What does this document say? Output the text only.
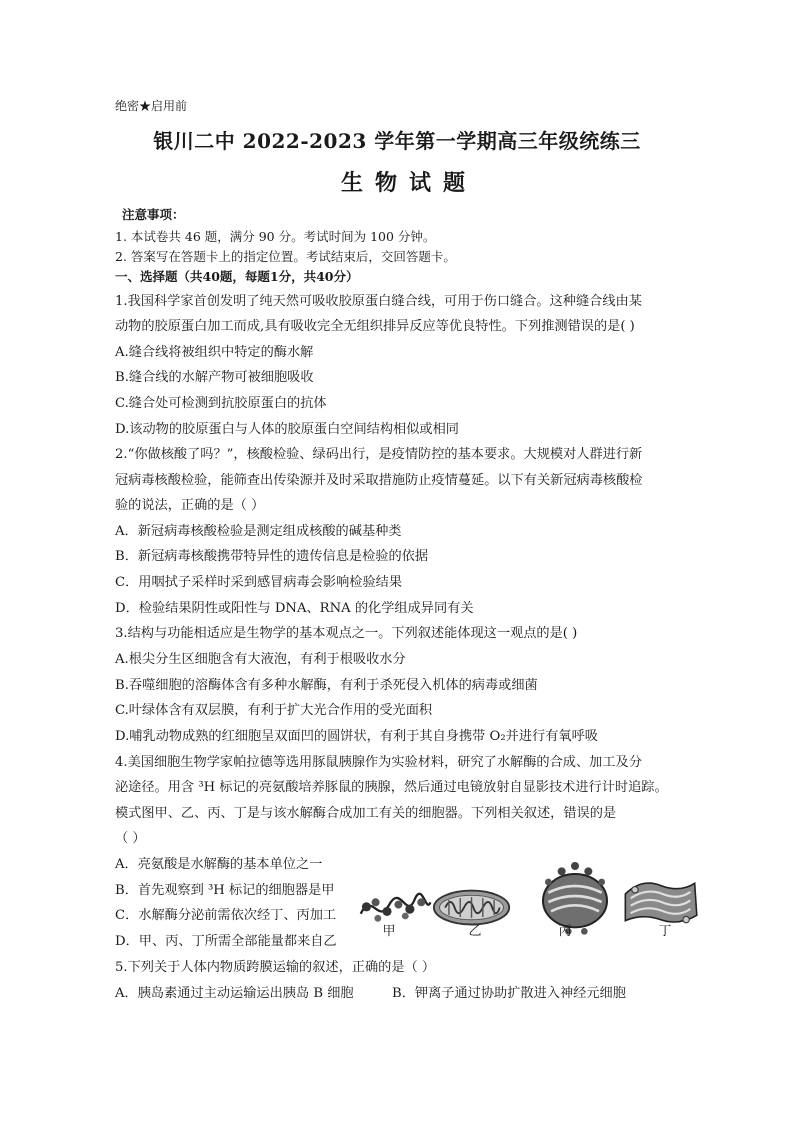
绝密★启用前
银川二中 2022-2023 学年第一学期高三年级统练三
生物试题
注意事项：
1. 本试卷共 46 题，满分 90 分。考试时间为 100 分钟。
2. 答案写在答题卡上的指定位置。考试结束后，交回答题卡。
一、选择题（共40题，每题1分，共40分）
1.我国科学家首创发明了纯天然可吸收胶原蛋白缝合线，可用于伤口缝合。这种缝合线由某
动物的胶原蛋白加工而成,具有吸收完全无组织排异反应等优良特性。下列推测错误的是( )
A.缝合线将被组织中特定的酶水解
B.缝合线的水解产物可被细胞吸收
C.缝合处可检测到抗胶原蛋白的抗体
D.该动物的胶原蛋白与人体的胶原蛋白空间结构相似或相同
2.“你做核酸了吗？”，核酸检验、绿码出行，是疫情防控的基本要求。大规模对人群进行新
冠病毒核酸检验，能筛查出传染源并及时采取措施防止疫情蔓延。以下有关新冠病毒核酸检
验的说法，正确的是（ ）
A．新冠病毒核酸检验是测定组成核酸的碱基种类
B．新冠病毒核酸携带特异性的遗传信息是检验的依据
C．用咽拭子采样时采到感冒病毒会影响检验结果
D．检验结果阴性或阳性与 DNA、RNA 的化学组成异同有关
3.结构与功能相适应是生物学的基本观点之一。下列叙述能体现这一观点的是( )
A.根尖分生区细胞含有大液泡，有利于根吸收水分
B.吞噬细胞的溶酶体含有多种水解酶，有利于杀死侵入机体的病毒或细菌
C.叶绿体含有双层膜，有利于扩大光合作用的受光面积
D.哺乳动物成熟的红细胞呈双面凹的圆饼状，有利于其自身携带 O₂并进行有氧呼吸
4.美国细胞生物学家帕拉德等选用豚鼠胰腺作为实验材料，研究了水解酶的合成、加工及分
泌途径。用含 ³H 标记的亮氨酸培养豚鼠的胰腺，然后通过电镜放射自显影技术进行计时追踪。
模式图甲、乙、丙、丁是与该水解酶合成加工有关的细胞器。下列相关叙述，错误的是
（ ）
A．亮氨酸是水解酶的基本单位之一
B．首先观察到 ³H 标记的细胞器是甲
C．水解酶分泌前需依次经丁、丙加工
D．甲、丙、丁所需全部能量都来自乙
甲	乙	丙	丁
5.下列关于人体内物质跨膜运输的叙述，正确的是（ ）
A．胰岛素通过主动运输运出胰岛 B 细胞	B．钾离子通过协助扩散进入神经元细胞
